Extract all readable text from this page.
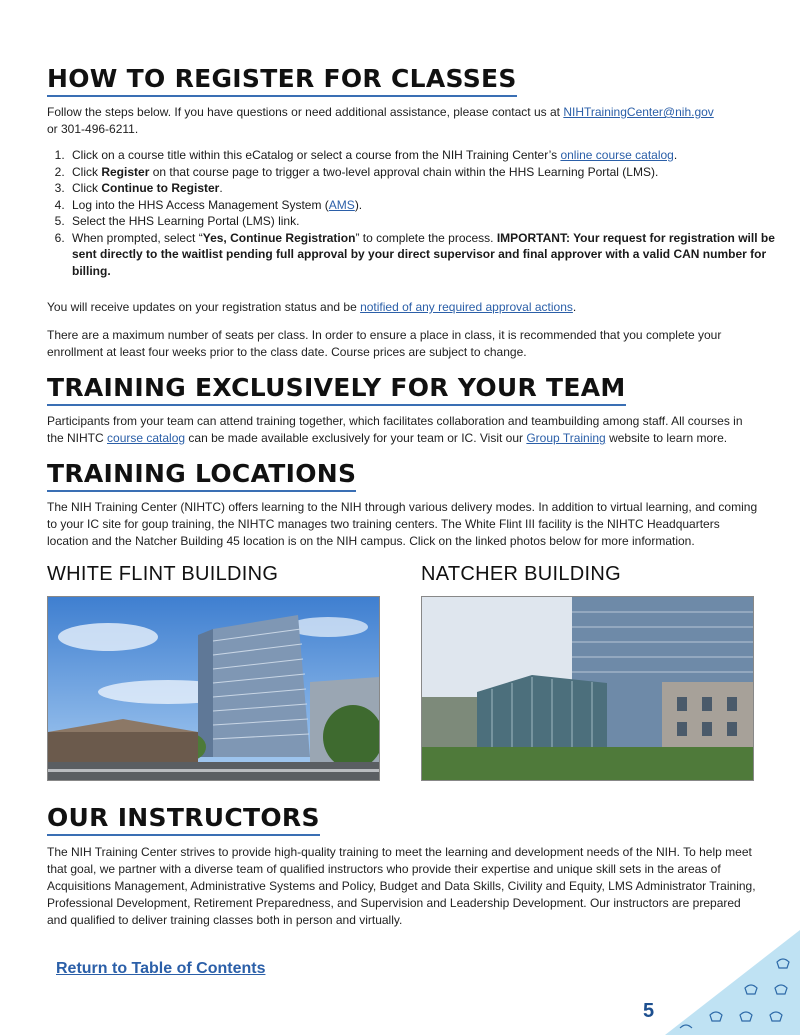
HOW TO REGISTER FOR CLASSES

Follow the steps below. If you have questions or need additional assistance, please contact us at NIHTrainingCenter@nih.gov
or 301-496-6211.

1. Click on a course title within this eCatalog or select a course from the NIH Training Center’s online course catalog.
2. Click Register on that course page to trigger a two-level approval chain within the HHS Learning Portal (LMS).
3. Click Continue to Register.
4. Log into the HHS Access Management System (AMS).
5. Select the HHS Learning Portal (LMS) link.
6. When prompted, select “Yes, Continue Registration” to complete the process. IMPORTANT: Your request for registration will be sent directly to the waitlist pending full approval by your direct supervisor and final approver with a valid CAN number for billing.

You will receive updates on your registration status and be notified of any required approval actions.

There are a maximum number of seats per class. In order to ensure a place in class, it is recommended that you complete your enrollment at least four weeks prior to the class date. Course prices are subject to change.

TRAINING EXCLUSIVELY FOR YOUR TEAM

Participants from your team can attend training together, which facilitates collaboration and teambuilding among staff. All courses in the NIHTC course catalog can be made available exclusively for your team or IC. Visit our Group Training website to learn more.

TRAINING LOCATIONS

The NIH Training Center (NIHTC) offers learning to the NIH through various delivery modes. In addition to virtual learning, and coming to your IC site for goup training, the NIHTC manages two training centers. The White Flint III facility is the NIHTC Headquarters location and the Natcher Building 45 location is on the NIH campus. Click on the linked photos below for more information.

WHITE FLINT BUILDING	NATCHER BUILDING
OUR INSTRUCTORS

The NIH Training Center strives to provide high-quality training to meet the learning and development needs of the NIH. To help meet that goal, we partner with a diverse team of qualified instructors who provide their expertise and unique skill sets in the areas of Acquisitions Management, Administrative Systems and Policy, Budget and Data Skills, Civility and Equity, LMS Administrator Training, Professional Development, Retirement Preparedness, and Supervision and Leadership Development. Our instructors are prepared and qualified to deliver training classes both in person and virtually.

Return to Table of Contents
5
